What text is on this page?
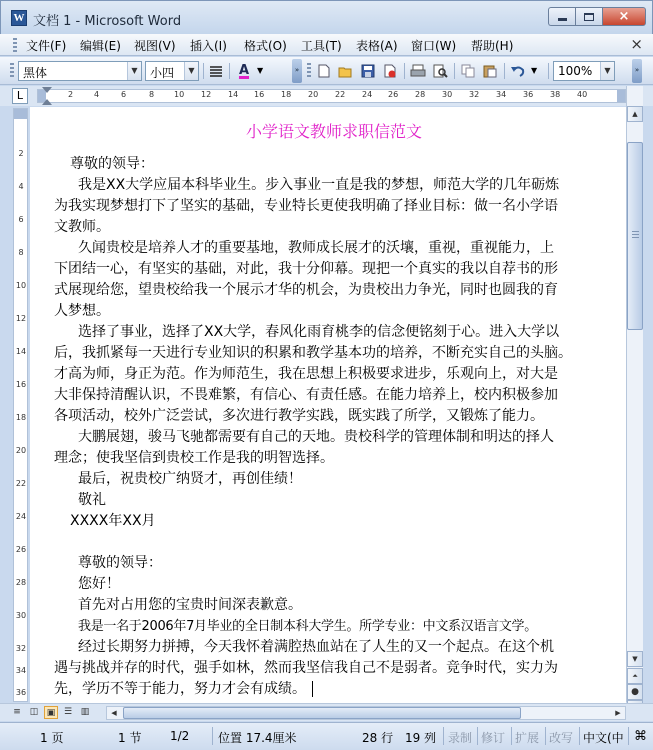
W 文档 1 - Microsoft Word	×
文件(F) 编辑(E) 视图(V) 插入(I) 格式(O) 工具(T) 表格(A) 窗口(W) 帮助(H)	×
黑体	▼ 小四	▼	A ▼	»	▼ 100%	▼	»
L	2	4	6	8 10 12 14 16 18 20 22 24 26 28 30 32 34 36 38 40
2
4
6
8
10
12
14
16
18
20
22
24
26
28
30
32
34
36

小学语文教师求职信范文

尊敬的领导：

我是XX大学应届本科毕业生。步入事业一直是我的梦想，师范大学的几年砺炼

为我实现梦想打下了坚实的基础，专业特长更使我明确了择业目标：做一名小学语

文教师。

久闻贵校是培养人才的重要基地，教师成长展才的沃壤，重视，重视能力，上

下团结一心，有坚实的基础，对此，我十分仰幕。现把一个真实的我以自荐书的形

式展现给您，望贵校给我一个展示才华的机会，为贵校出力争光，同时也圆我的育

人梦想。

选择了事业，选择了XX大学，春风化雨育桃李的信念便铭刻于心。进入大学以

后，我抓紧每一天进行专业知识的积累和教学基本功的培养，不断充实自己的头脑。

才高为师，身正为范。作为师范生，我在思想上积极要求进步，乐观向上，对大是

大非保持清醒认识，不畏难繁，有信心、有责任感。在能力培养上，校内积极参加

各项活动，校外广泛尝试，多次进行教学实践，既实践了所学，又锻炼了能力。

大鹏展翅，骏马飞驰都需要有自己的天地。贵校科学的管理体制和明达的择人

理念；使我坚信到贵校工作是我的明智选择。

最后，祝贵校广纳贤才，再创佳绩！

敬礼

XXXX年XX月

尊敬的领导：

您好！

首先对占用您的宝贵时间深表歉意。

我是一名于2006年7月毕业的全日制本科大学生。所学专业：中文系汉语言文学。

经过长期努力拼搏，今天我怀着满腔热血站在了人生的又一个起点。在这个机

遇与挑战并存的时代，强手如林，然而我坚信我自己不是弱者。竞争时代，实力为

先，学历不等于能力，努力才会有成绩。

▲
▼
⏶
●
≡ ◫ ▣ ☰ ▥	◀	▶
1 页	1 节 1/2 位置 17.4厘米	28 行 19 列 录制 修订 扩展 改写 中文(中 ⌘
